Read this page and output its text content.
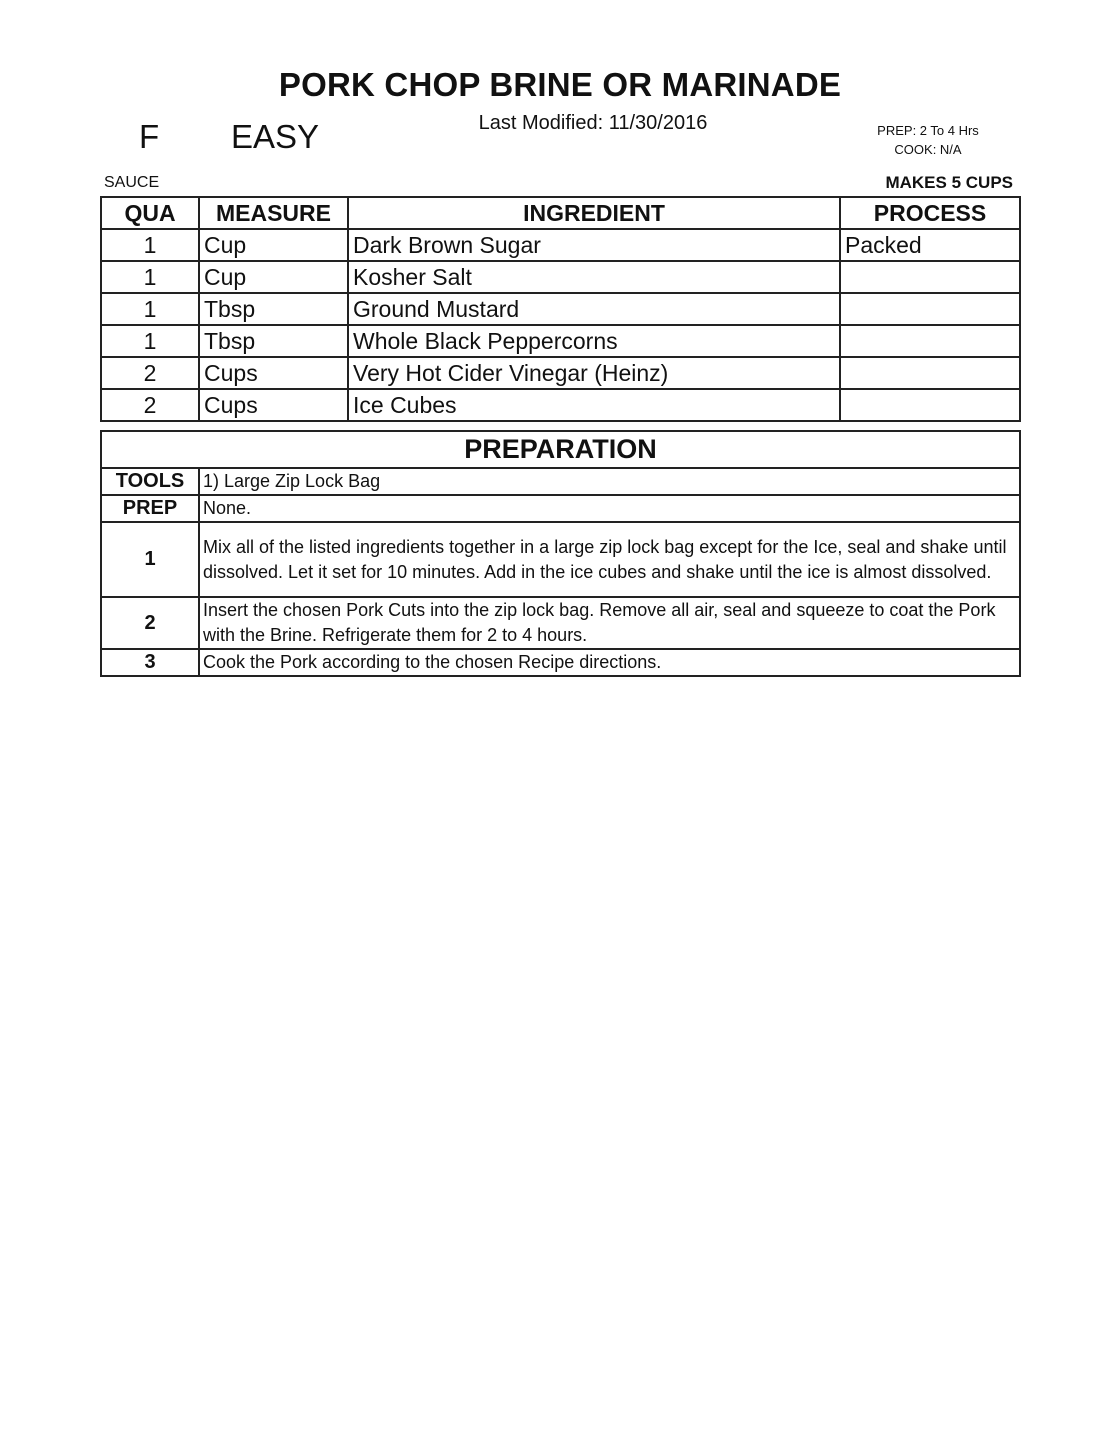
PORK CHOP BRINE OR MARINADE
Last Modified: 11/30/2016
F EASY	PREP: 2 To 4 Hrs
COOK: N/A
SAUCE	MAKES 5 CUPS
QUA	MEASURE	INGREDIENT	PROCESS
1	Cup	Dark Brown Sugar	Packed
1	Cup	Kosher Salt	
1	Tbsp	Ground Mustard	
1	Tbsp	Whole Black Peppercorns	
2	Cups	Very Hot Cider Vinegar (Heinz)	
2	Cups	Ice Cubes	
PREPARATION	
TOOLS	1) Large Zip Lock Bag
PREP	None.
1	Mix all of the listed ingredients together in a large zip lock bag except for the Ice, seal and shake until dissolved. Let it set for 10 minutes. Add in the ice cubes and shake until the ice is almost dissolved.
2	Insert the chosen Pork Cuts into the zip lock bag. Remove all air, seal and squeeze to coat the Pork with the Brine. Refrigerate them for 2 to 4 hours.
3	Cook the Pork according to the chosen Recipe directions.
